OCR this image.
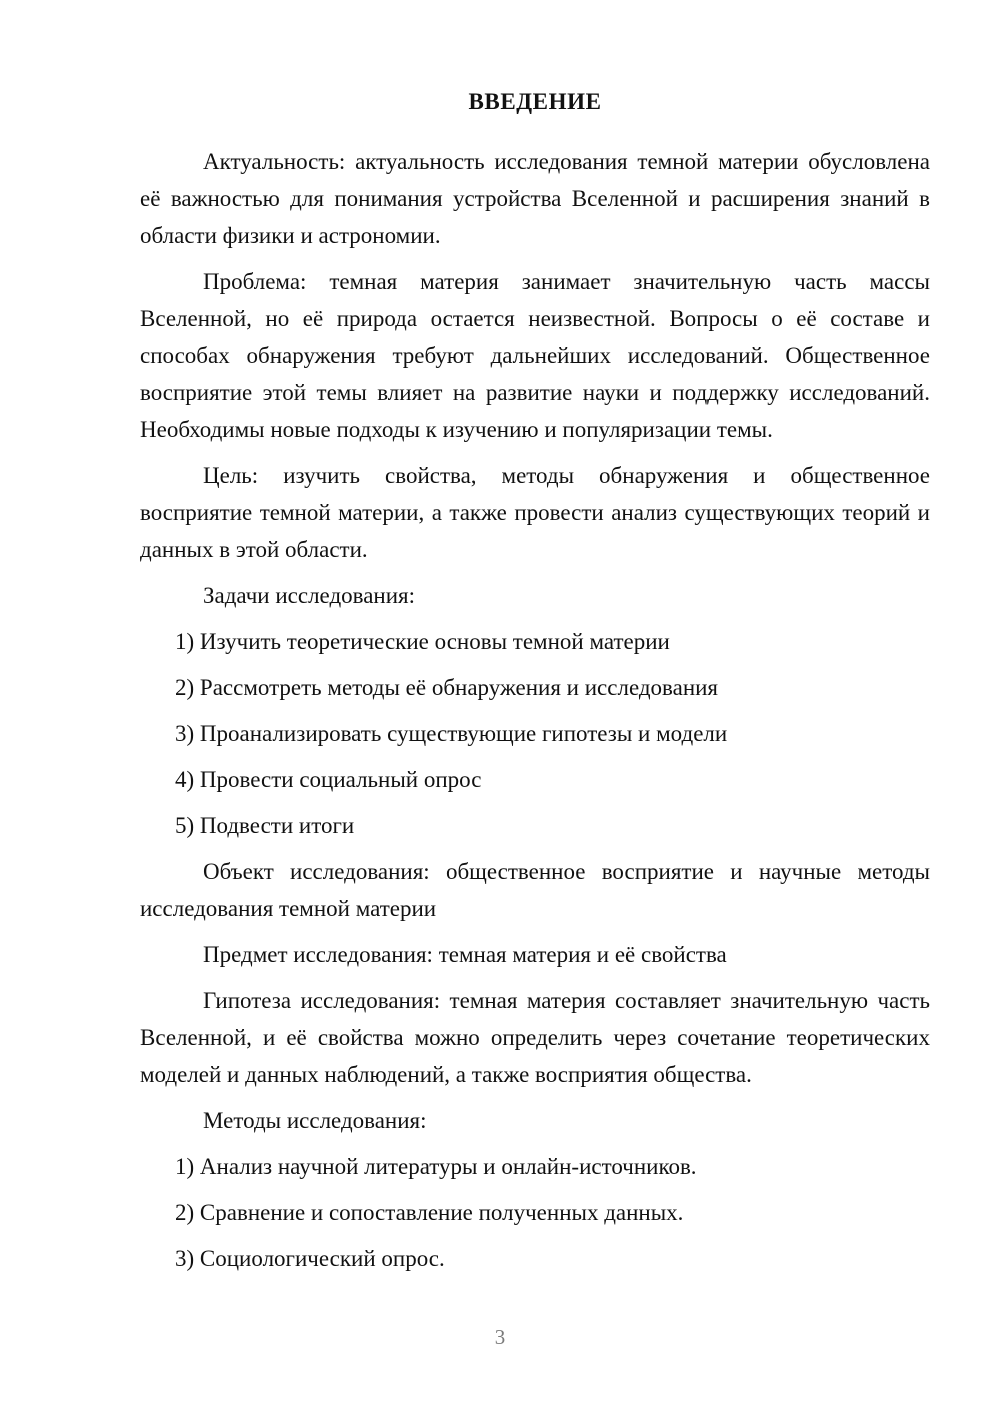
ВВЕДЕНИЕ

Актуальность: актуальность исследования темной материи обусловлена её важностью для понимания устройства Вселенной и расширения знаний в области физики и астрономии.

Проблема: темная материя занимает значительную часть массы Вселенной, но её природа остается неизвестной. Вопросы о её составе и способах обнаружения требуют дальнейших исследований. Общественное восприятие этой темы влияет на развитие науки и поддержку исследований. Необходимы новые подходы к изучению и популяризации темы.

Цель: изучить свойства, методы обнаружения и общественное восприятие темной материи, а также провести анализ существующих теорий и данных в этой области.

Задачи исследования:

1) Изучить теоретические основы темной материи

2) Рассмотреть методы её обнаружения и исследования

3) Проанализировать существующие гипотезы и модели

4) Провести социальный опрос

5) Подвести итоги

Объект исследования: общественное восприятие и научные методы исследования темной материи

Предмет исследования: темная материя и её свойства

Гипотеза исследования: темная материя составляет значительную часть Вселенной, и её свойства можно определить через сочетание теоретических моделей и данных наблюдений, а также восприятия общества.

Методы исследования:

1) Анализ научной литературы и онлайн-источников.

2) Сравнение и сопоставление полученных данных.

3) Социологический опрос.

3
